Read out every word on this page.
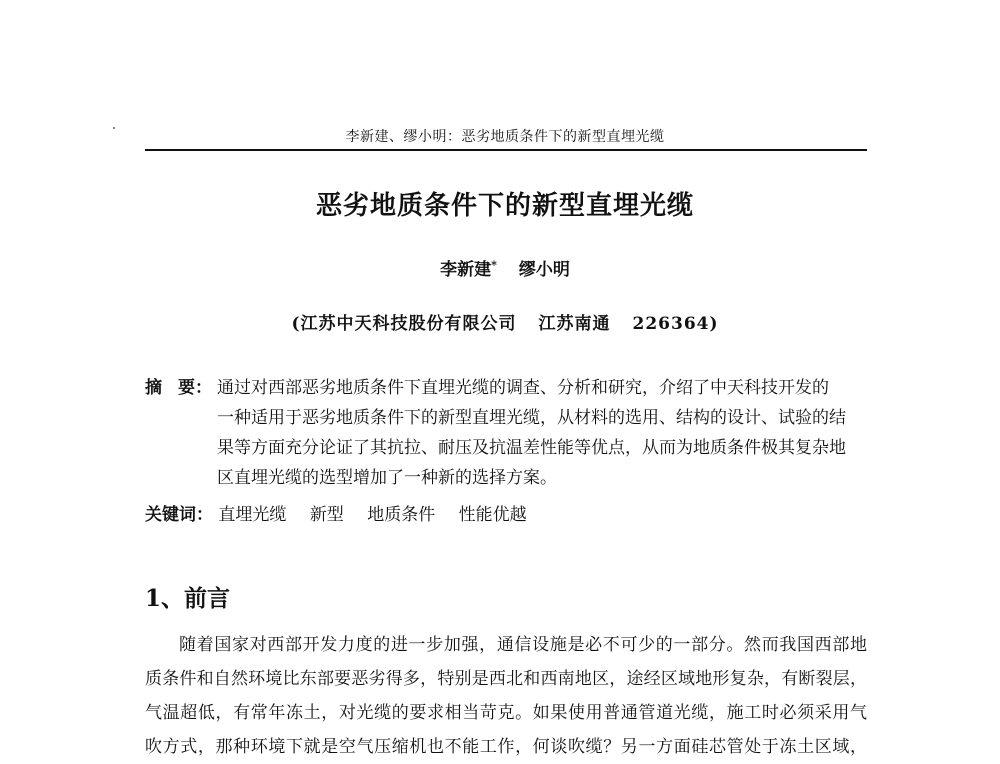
李新建、缪小明：恶劣地质条件下的新型直埋光缆
恶劣地质条件下的新型直埋光缆
李新建* 缪小明
(江苏中天科技股份有限公司 江苏南通 226364)
摘 要： 通过对西部恶劣地质条件下直埋光缆的调查、分析和研究，介绍了中天科技开发的
一种适用于恶劣地质条件下的新型直埋光缆，从材料的选用、结构的设计、试验的结
果等方面充分论证了其抗拉、耐压及抗温差性能等优点，从而为地质条件极其复杂地
区直埋光缆的选型增加了一种新的选择方案。
关键词： 直埋光缆 新型 地质条件 性能优越
1、前言
随着国家对西部开发力度的进一步加强，通信设施是必不可少的一部分。然而我国西部地
质条件和自然环境比东部要恶劣得多，特别是西北和西南地区，途经区域地形复杂，有断裂层，
气温超低，有常年冻土，对光缆的要求相当苛克。如果使用普通管道光缆，施工时必须采用气
吹方式，那种环境下就是空气压缩机也不能工作，何谈吹缆？另一方面硅芯管处于冻土区域，
